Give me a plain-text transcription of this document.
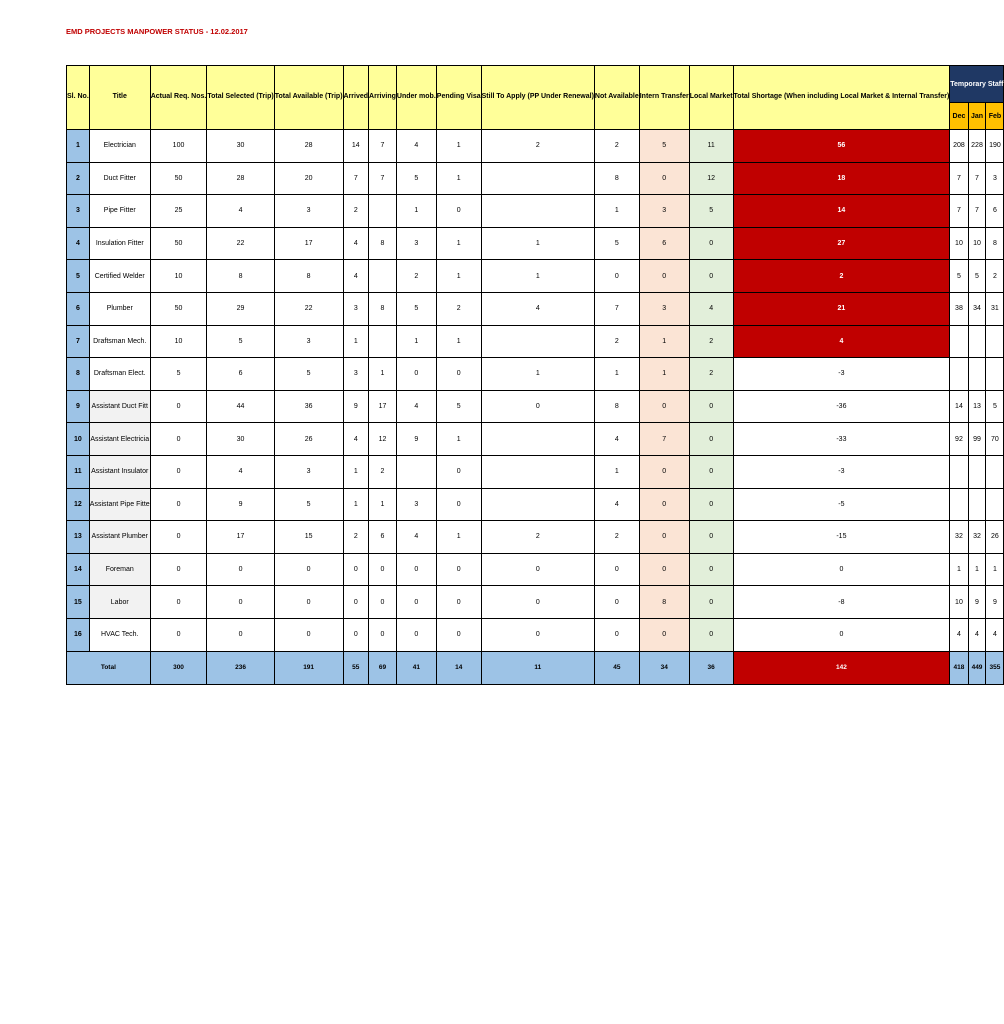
EMD PROJECTS MANPOWER STATUS - 12.02.2017
Sl. No.	Title	Actual Req. Nos.	Total Selected (Trip)	Total Available (Trip)	Arrived	Arriving	Under mob.	Pending Visa	Still To Apply (PP Under Renewal)	Not Available	Intern Transfer	Local Market	Total Shortage (When including Local Market & Internal Transfer)	Temporary Staff		
														Dec	Jan	Feb
1	Electrician	100	30	28	14	7	4	1	2	2	5	11	56	208	228	190
2	Duct Fitter	50	28	20	7	7	5	1		8	0	12	18	7	7	3
3	Pipe Fitter	25	4	3	2		1	0		1	3	5	14	7	7	6
4	Insulation Fitter	50	22	17	4	8	3	1	1	5	6	0	27	10	10	8
5	Certified Welder	10	8	8	4		2	1	1	0	0	0	2	5	5	2
6	Plumber	50	29	22	3	8	5	2	4	7	3	4	21	38	34	31
7	Draftsman Mech.	10	5	3	1		1	1		2	1	2	4			
8	Draftsman Elect.	5	6	5	3	1	0	0	1	1	1	2	-3			
9	Assistant Duct Fitt	0	44	36	9	17	4	5	0	8	0	0	-36	14	13	5
10	Assistant Electricia	0	30	26	4	12	9	1		4	7	0	-33	92	99	70
11	Assistant Insulator	0	4	3	1	2		0		1	0	0	-3			
12	Assistant Pipe Fitte	0	9	5	1	1	3	0		4	0	0	-5			
13	Assistant Plumber	0	17	15	2	6	4	1	2	2	0	0	-15	32	32	26
14	Foreman	0	0	0	0	0	0	0	0	0	0	0	0	1	1	1
15	Labor	0	0	0	0	0	0	0	0	0	8	0	-8	10	9	9
16	HVAC Tech.	0	0	0	0	0	0	0	0	0	0	0	0	4	4	4
Total		300	236	191	55	69	41	14	11	45	34	36	142	418	449	355
